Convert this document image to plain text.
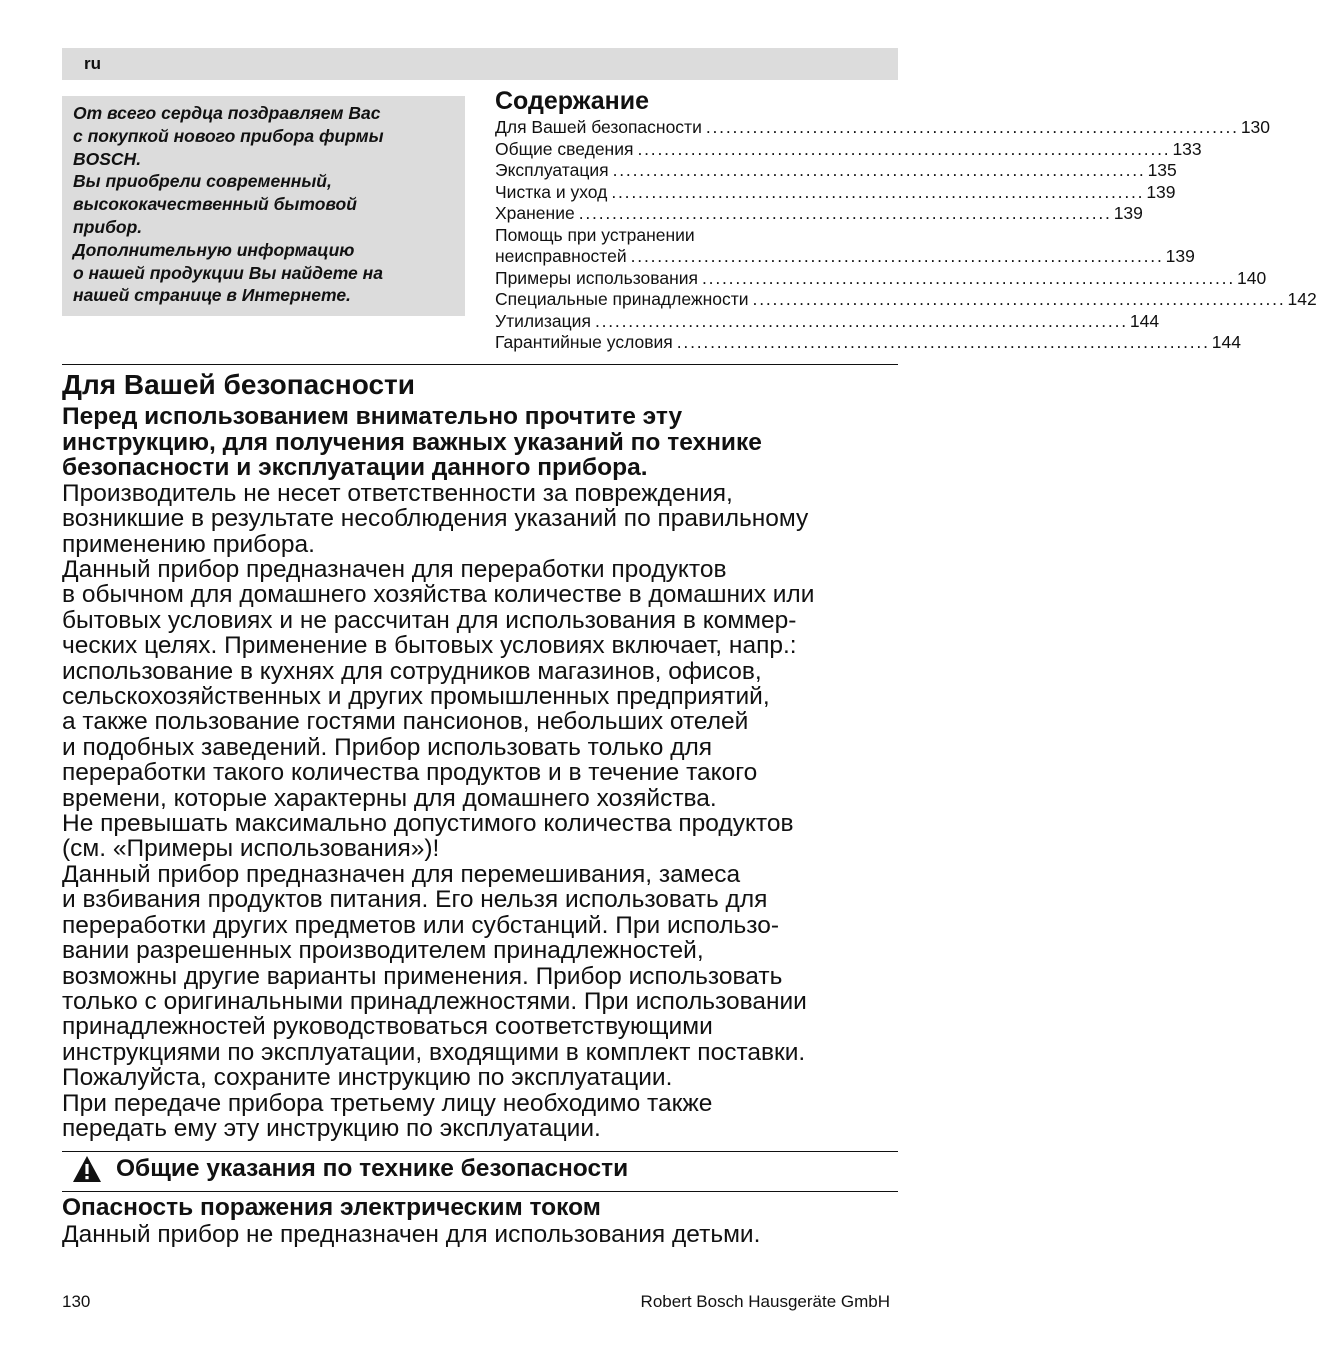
ru
От всего сердца поздравляем Вас
с покупкой нового прибора фирмы
BOSCH.
Вы приобрели современный,
высококачественный бытовой
прибор.
Дополнительную информацию
о нашей продукции Вы найдете на
нашей странице в Интернете.
Содержание
Для Вашей безопасности ................................................................................ 130
Общие сведения ................................................................................ 133
Эксплуатация ................................................................................ 135
Чистка и уход ................................................................................ 139
Хранение ................................................................................ 139
Помощь при устранении
неисправностей ................................................................................ 139
Примеры использования ................................................................................ 140
Специальные принадлежности ................................................................................ 142
Утилизация ................................................................................ 144
Гарантийные условия ................................................................................ 144
Для Вашей безопасности
Перед использованием внимательно прочтите эту
инструкцию, для получения важных указаний по технике
безопасности и эксплуатации данного прибора.
Производитель не несет ответственности за повреждения,
возникшие в результате несоблюдения указаний по правильному
применению прибора.
Данный прибор предназначен для переработки продуктов
в обычном для домашнего хозяйства количестве в домашних или
бытовых условиях и не рассчитан для использования в коммер-
ческих целях. Применение в бытовых условиях включает, напр.:
использование в кухнях для сотрудников магазинов, офисов,
сельскохозяйственных и других промышленных предприятий,
а также пользование гостями пансионов, небольших отелей
и подобных заведений. Прибор использовать только для
переработки такого количества продуктов и в течение такого
времени, которые характерны для домашнего хозяйства.
Не превышать максимально допустимого количества продуктов
(см. «Примеры использования»)!
Данный прибор предназначен для перемешивания, замеса
и взбивания продуктов питания. Его нельзя использовать для
переработки других предметов или субстанций. При использо-
вании разрешенных производителем принадлежностей,
возможны другие варианты применения. Прибор использовать
только с оригинальными принадлежностями. При использовании
принадлежностей руководствоваться соответствующими
инструкциями по эксплуатации, входящими в комплект поставки.
Пожалуйста, сохраните инструкцию по эксплуатации.
При передаче прибора третьему лицу необходимо также
передать ему эту инструкцию по эксплуатации.
Общие указания по технике безопасности
Опасность поражения электрическим током
Данный прибор не предназначен для использования детьми.
130	Robert Bosch Hausgeräte GmbH
